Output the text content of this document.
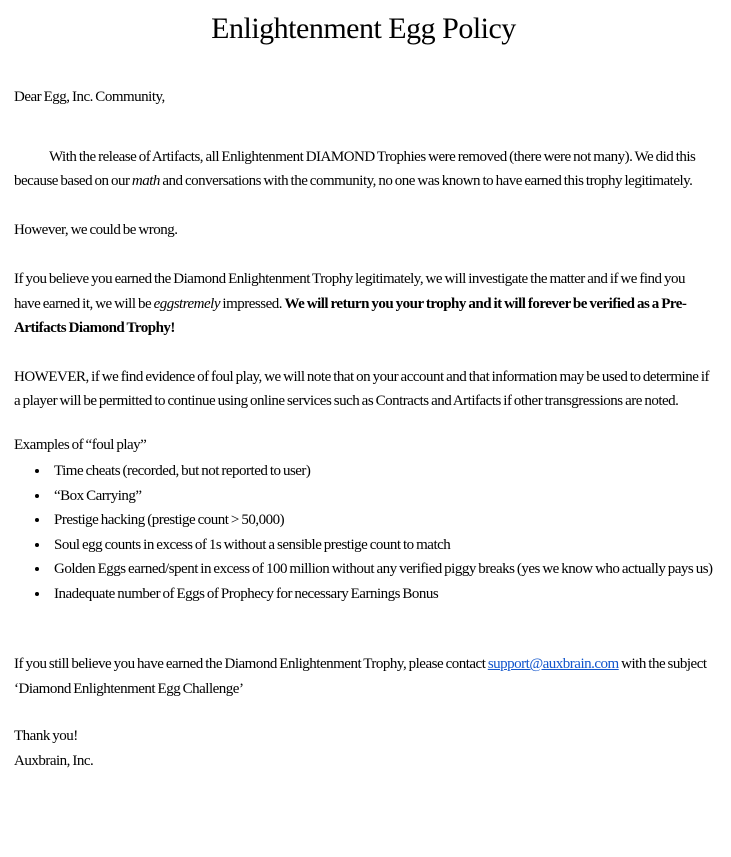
Enlightenment Egg Policy

Dear Egg, Inc. Community,

With the release of Artifacts, all Enlightenment DIAMOND Trophies were removed (there were not many). We did this because based on our math and conversations with the community, no one was known to have earned this trophy legitimately.

However, we could be wrong.

If you believe you earned the Diamond Enlightenment Trophy legitimately, we will investigate the matter and if we find you have earned it, we will be eggstremely impressed. We will return you your trophy and it will forever be verified as a Pre-Artifacts Diamond Trophy!

HOWEVER, if we find evidence of foul play, we will note that on your account and that information may be used to determine if a player will be permitted to continue using online services such as Contracts and Artifacts if other transgressions are noted.

Examples of “foul play”

• Time cheats (recorded, but not reported to user)
• “Box Carrying”
• Prestige hacking (prestige count > 50,000)
• Soul egg counts in excess of 1s without a sensible prestige count to match
• Golden Eggs earned/spent in excess of 100 million without any verified piggy breaks (yes we know who actually pays us)
• Inadequate number of Eggs of Prophecy for necessary Earnings Bonus

If you still believe you have earned the Diamond Enlightenment Trophy, please contact support@auxbrain.com with the subject ‘Diamond Enlightenment Egg Challenge’

Thank you!
Auxbrain, Inc.
